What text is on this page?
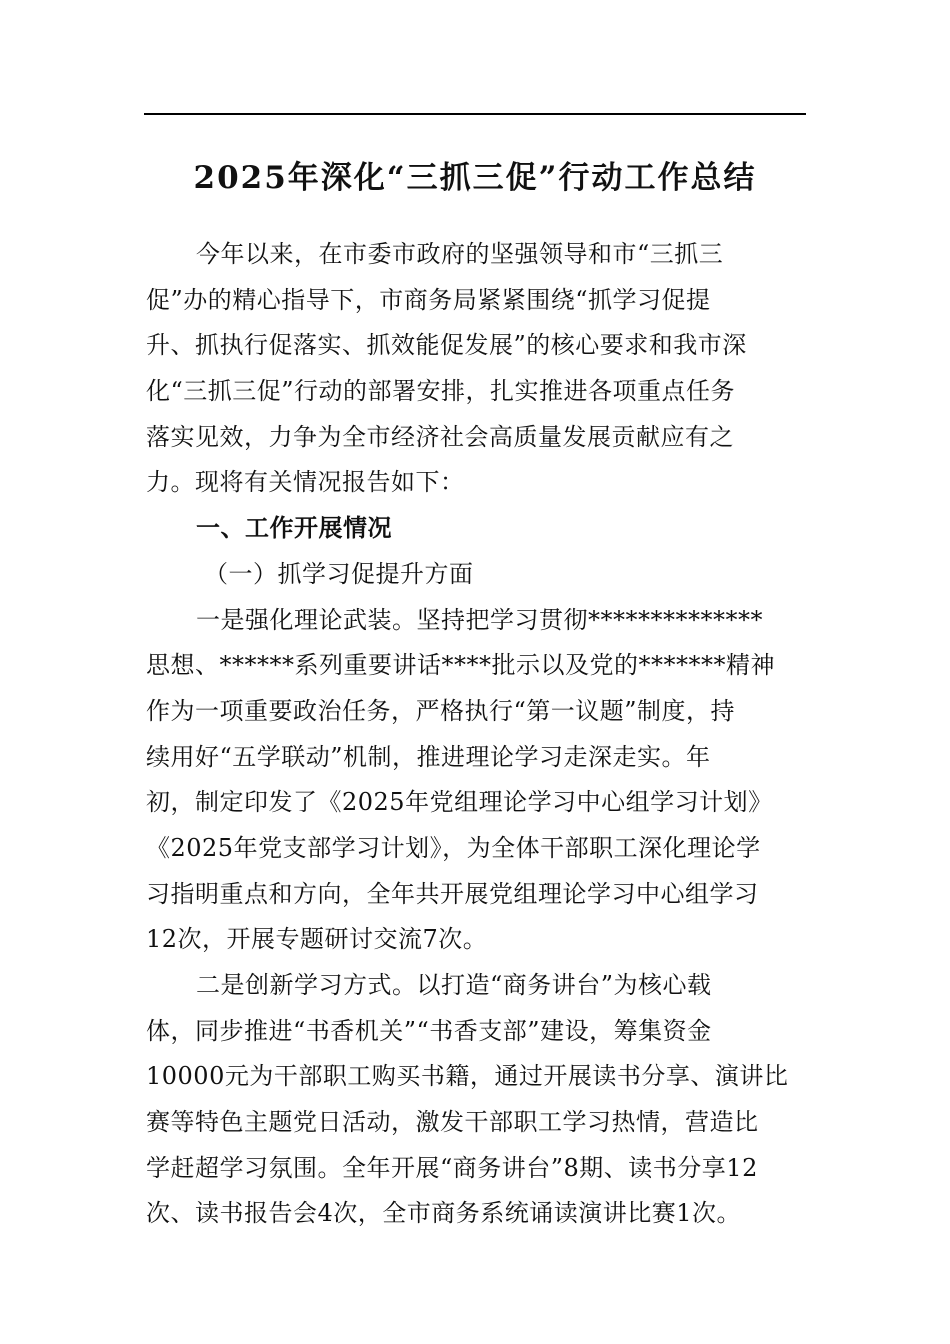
2025年深化“三抓三促”行动工作总结
今年以来，在市委市政府的坚强领导和市“三抓三
促”办的精心指导下，市商务局紧紧围绕“抓学习促提
升、抓执行促落实、抓效能促发展”的核心要求和我市深
化“三抓三促”行动的部署安排，扎实推进各项重点任务
落实见效，力争为全市经济社会高质量发展贡献应有之
力。现将有关情况报告如下：
一、工作开展情况
（一）抓学习促提升方面
一是强化理论武装。坚持把学习贯彻**************
思想、******系列重要讲话****批示以及党的*******精神
作为一项重要政治任务，严格执行“第一议题”制度，持
续用好“五学联动”机制，推进理论学习走深走实。年
初，制定印发了《2025年党组理论学习中心组学习计划》
《2025年党支部学习计划》，为全体干部职工深化理论学
习指明重点和方向，全年共开展党组理论学习中心组学习
12次，开展专题研讨交流7次。
二是创新学习方式。以打造“商务讲台”为核心载
体，同步推进“书香机关”“书香支部”建设，筹集资金
10000元为干部职工购买书籍，通过开展读书分享、演讲比
赛等特色主题党日活动，激发干部职工学习热情，营造比
学赶超学习氛围。全年开展“商务讲台”8期、读书分享12
次、读书报告会4次，全市商务系统诵读演讲比赛1次。
